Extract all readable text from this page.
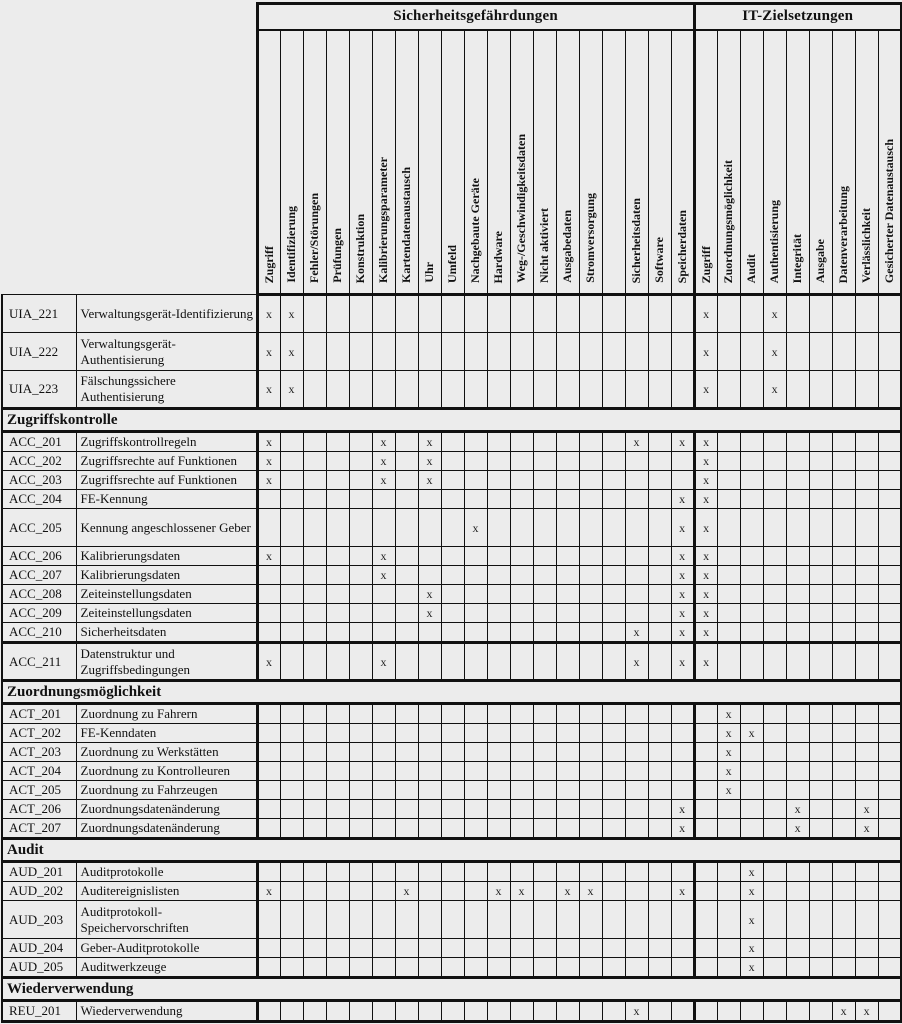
		Sicherheitsgefährdungen																			IT-Zielsetzungen								
		Zugriff	Identifizierung	Fehler/Störungen	Prüfungen	Konstruktion	Kalibrierungsparameter	Kartendatenaustausch	Uhr	Umfeld	Nachgebaute Geräte	Hardware	Weg-/Geschwindigkeitsdaten	Nicht aktiviert	Ausgabedaten	Stromversorgung		Sicherheitsdaten	Software	Speicherdaten	Zugriff	Zuordnungsmöglichkeit	Audit	Authentisierung	Integrität	Ausgabe	Datenverarbeitung	Verlässlichkeit	Gesicherter Datenaustausch
UIA_221	Verwaltungsgerät-Identifizierung	x	x																		x			x					
UIA_222	Verwaltungsgerät-Authentisierung	x	x																		x			x					
UIA_223	Fälschungssichere Authentisierung	x	x																		x			x					
Zugriffskontrolle																													
ACC_201	Zugriffskontrollregeln	x					x		x									x		x	x								
ACC_202	Zugriffsrechte auf Funktionen	x					x		x												x								
ACC_203	Zugriffsrechte auf Funktionen	x					x		x												x								
ACC_204	FE-Kennung																			x	x								
ACC_205	Kennung angeschlossener Geber										x									x	x								
ACC_206	Kalibrierungsdaten	x					x													x	x								
ACC_207	Kalibrierungsdaten						x													x	x								
ACC_208	Zeiteinstellungsdaten								x											x	x								
ACC_209	Zeiteinstellungsdaten								x											x	x								
ACC_210	Sicherheitsdaten																	x		x	x								
ACC_211	Datenstruktur und Zugriffsbedingungen	x					x											x		x	x								
Zuordnungsmöglichkeit																													
ACT_201	Zuordnung zu Fahrern																					x							
ACT_202	FE-Kenndaten																					x	x						
ACT_203	Zuordnung zu Werkstätten																					x							
ACT_204	Zuordnung zu Kontrolleuren																					x							
ACT_205	Zuordnung zu Fahrzeugen																					x							
ACT_206	Zuordnungsdatenänderung																			x					x			x	
ACT_207	Zuordnungsdatenänderung																			x					x			x	
Audit																													
AUD_201	Auditprotokolle																						x						
AUD_202	Auditereignislisten	x						x				x	x		x	x				x			x						
AUD_203	Auditprotokoll-Speichervorschriften																						x						
AUD_204	Geber-Auditprotokolle																						x						
AUD_205	Auditwerkzeuge																						x						
Wiederverwendung																													
REU_201	Wiederverwendung																	x									x	x	
